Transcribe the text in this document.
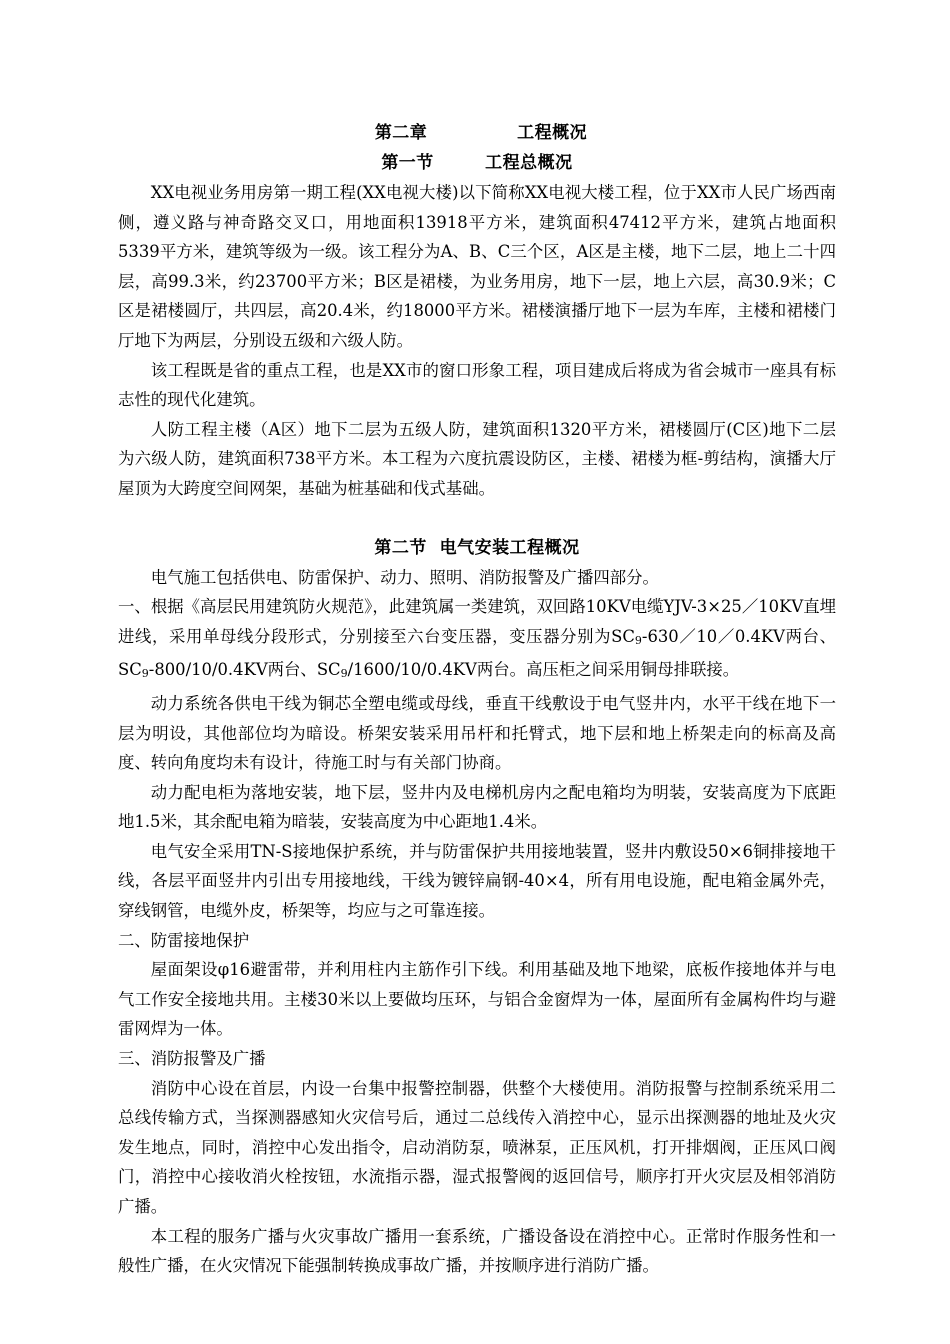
第二章              工程概况
第一节        工程总概况

XX电视业务用房第一期工程(XX电视大楼)以下简称XX电视大楼工程，位于XX市人民广场西南侧，遵义路与神奇路交叉口，用地面积13918平方米，建筑面积47412平方米，建筑占地面积5339平方米，建筑等级为一级。该工程分为A、B、C三个区，A区是主楼，地下二层，地上二十四层，高99.3米，约23700平方米；B区是裙楼，为业务用房，地下一层，地上六层，高30.9米；C区是裙楼圆厅，共四层，高20.4米，约18000平方米。裙楼演播厅地下一层为车库，主楼和裙楼门厅地下为两层，分别设五级和六级人防。

该工程既是省的重点工程，也是XX市的窗口形象工程，项目建成后将成为省会城市一座具有标志性的现代化建筑。

人防工程主楼（A区）地下二层为五级人防，建筑面积1320平方米，裙楼圆厅(C区)地下二层为六级人防，建筑面积738平方米。本工程为六度抗震设防区，主楼、裙楼为框-剪结构，演播大厅屋顶为大跨度空间网架，基础为桩基础和伐式基础。

第二节  电气安装工程概况

电气施工包括供电、防雷保护、动力、照明、消防报警及广播四部分。

一、根据《高层民用建筑防火规范》，此建筑属一类建筑，双回路10KV电缆YJV-3×25／10KV直埋进线，采用单母线分段形式，分别接至六台变压器，变压器分别为SC9-630／10／0.4KV两台、SC9-800/10/0.4KV两台、SC9/1600/10/0.4KV两台。高压柜之间采用铜母排联接。

动力系统各供电干线为铜芯全塑电缆或母线，垂直干线敷设于电气竖井内，水平干线在地下一层为明设，其他部位均为暗设。桥架安装采用吊杆和托臂式，地下层和地上桥架走向的标高及高度、转向角度均未有设计，待施工时与有关部门协商。

动力配电柜为落地安装，地下层，竖井内及电梯机房内之配电箱均为明装，安装高度为下底距地1.5米，其余配电箱为暗装，安装高度为中心距地1.4米。

电气安全采用TN-S接地保护系统，并与防雷保护共用接地装置，竖井内敷设50×6铜排接地干线，各层平面竖井内引出专用接地线，干线为镀锌扁钢-40×4，所有用电设施，配电箱金属外壳，穿线钢管，电缆外皮，桥架等，均应与之可靠连接。

二、防雷接地保护

屋面架设φ16避雷带，并利用柱内主筋作引下线。利用基础及地下地梁，底板作接地体并与电气工作安全接地共用。主楼30米以上要做均压环，与铝合金窗焊为一体，屋面所有金属构件均与避雷网焊为一体。

三、消防报警及广播

消防中心设在首层，内设一台集中报警控制器，供整个大楼使用。消防报警与控制系统采用二总线传输方式，当探测器感知火灾信号后，通过二总线传入消控中心，显示出探测器的地址及火灾发生地点，同时，消控中心发出指令，启动消防泵，喷淋泵，正压风机，打开排烟阀，正压风口阀门，消控中心接收消火栓按钮，水流指示器，湿式报警阀的返回信号，顺序打开火灾层及相邻消防广播。

本工程的服务广播与火灾事故广播用一套系统，广播设备设在消控中心。正常时作服务性和一般性广播，在火灾情况下能强制转换成事故广播，并按顺序进行消防广播。
